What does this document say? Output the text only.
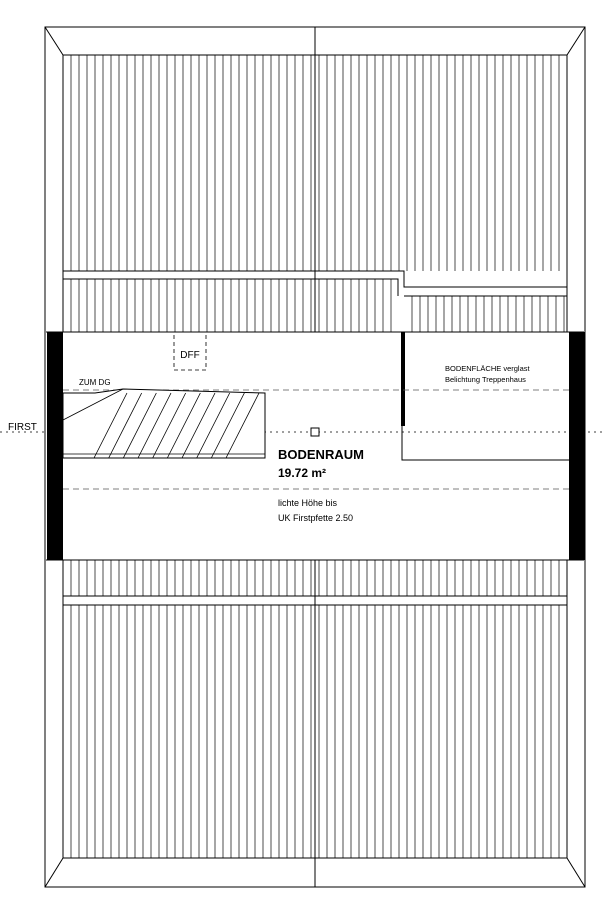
DFF
ZUM DG
FIRST
BODENRAUM
19.72 m²
lichte Höhe bis
UK Firstpfette 2.50
BODENFLÄCHE verglast
Belichtung Treppenhaus
